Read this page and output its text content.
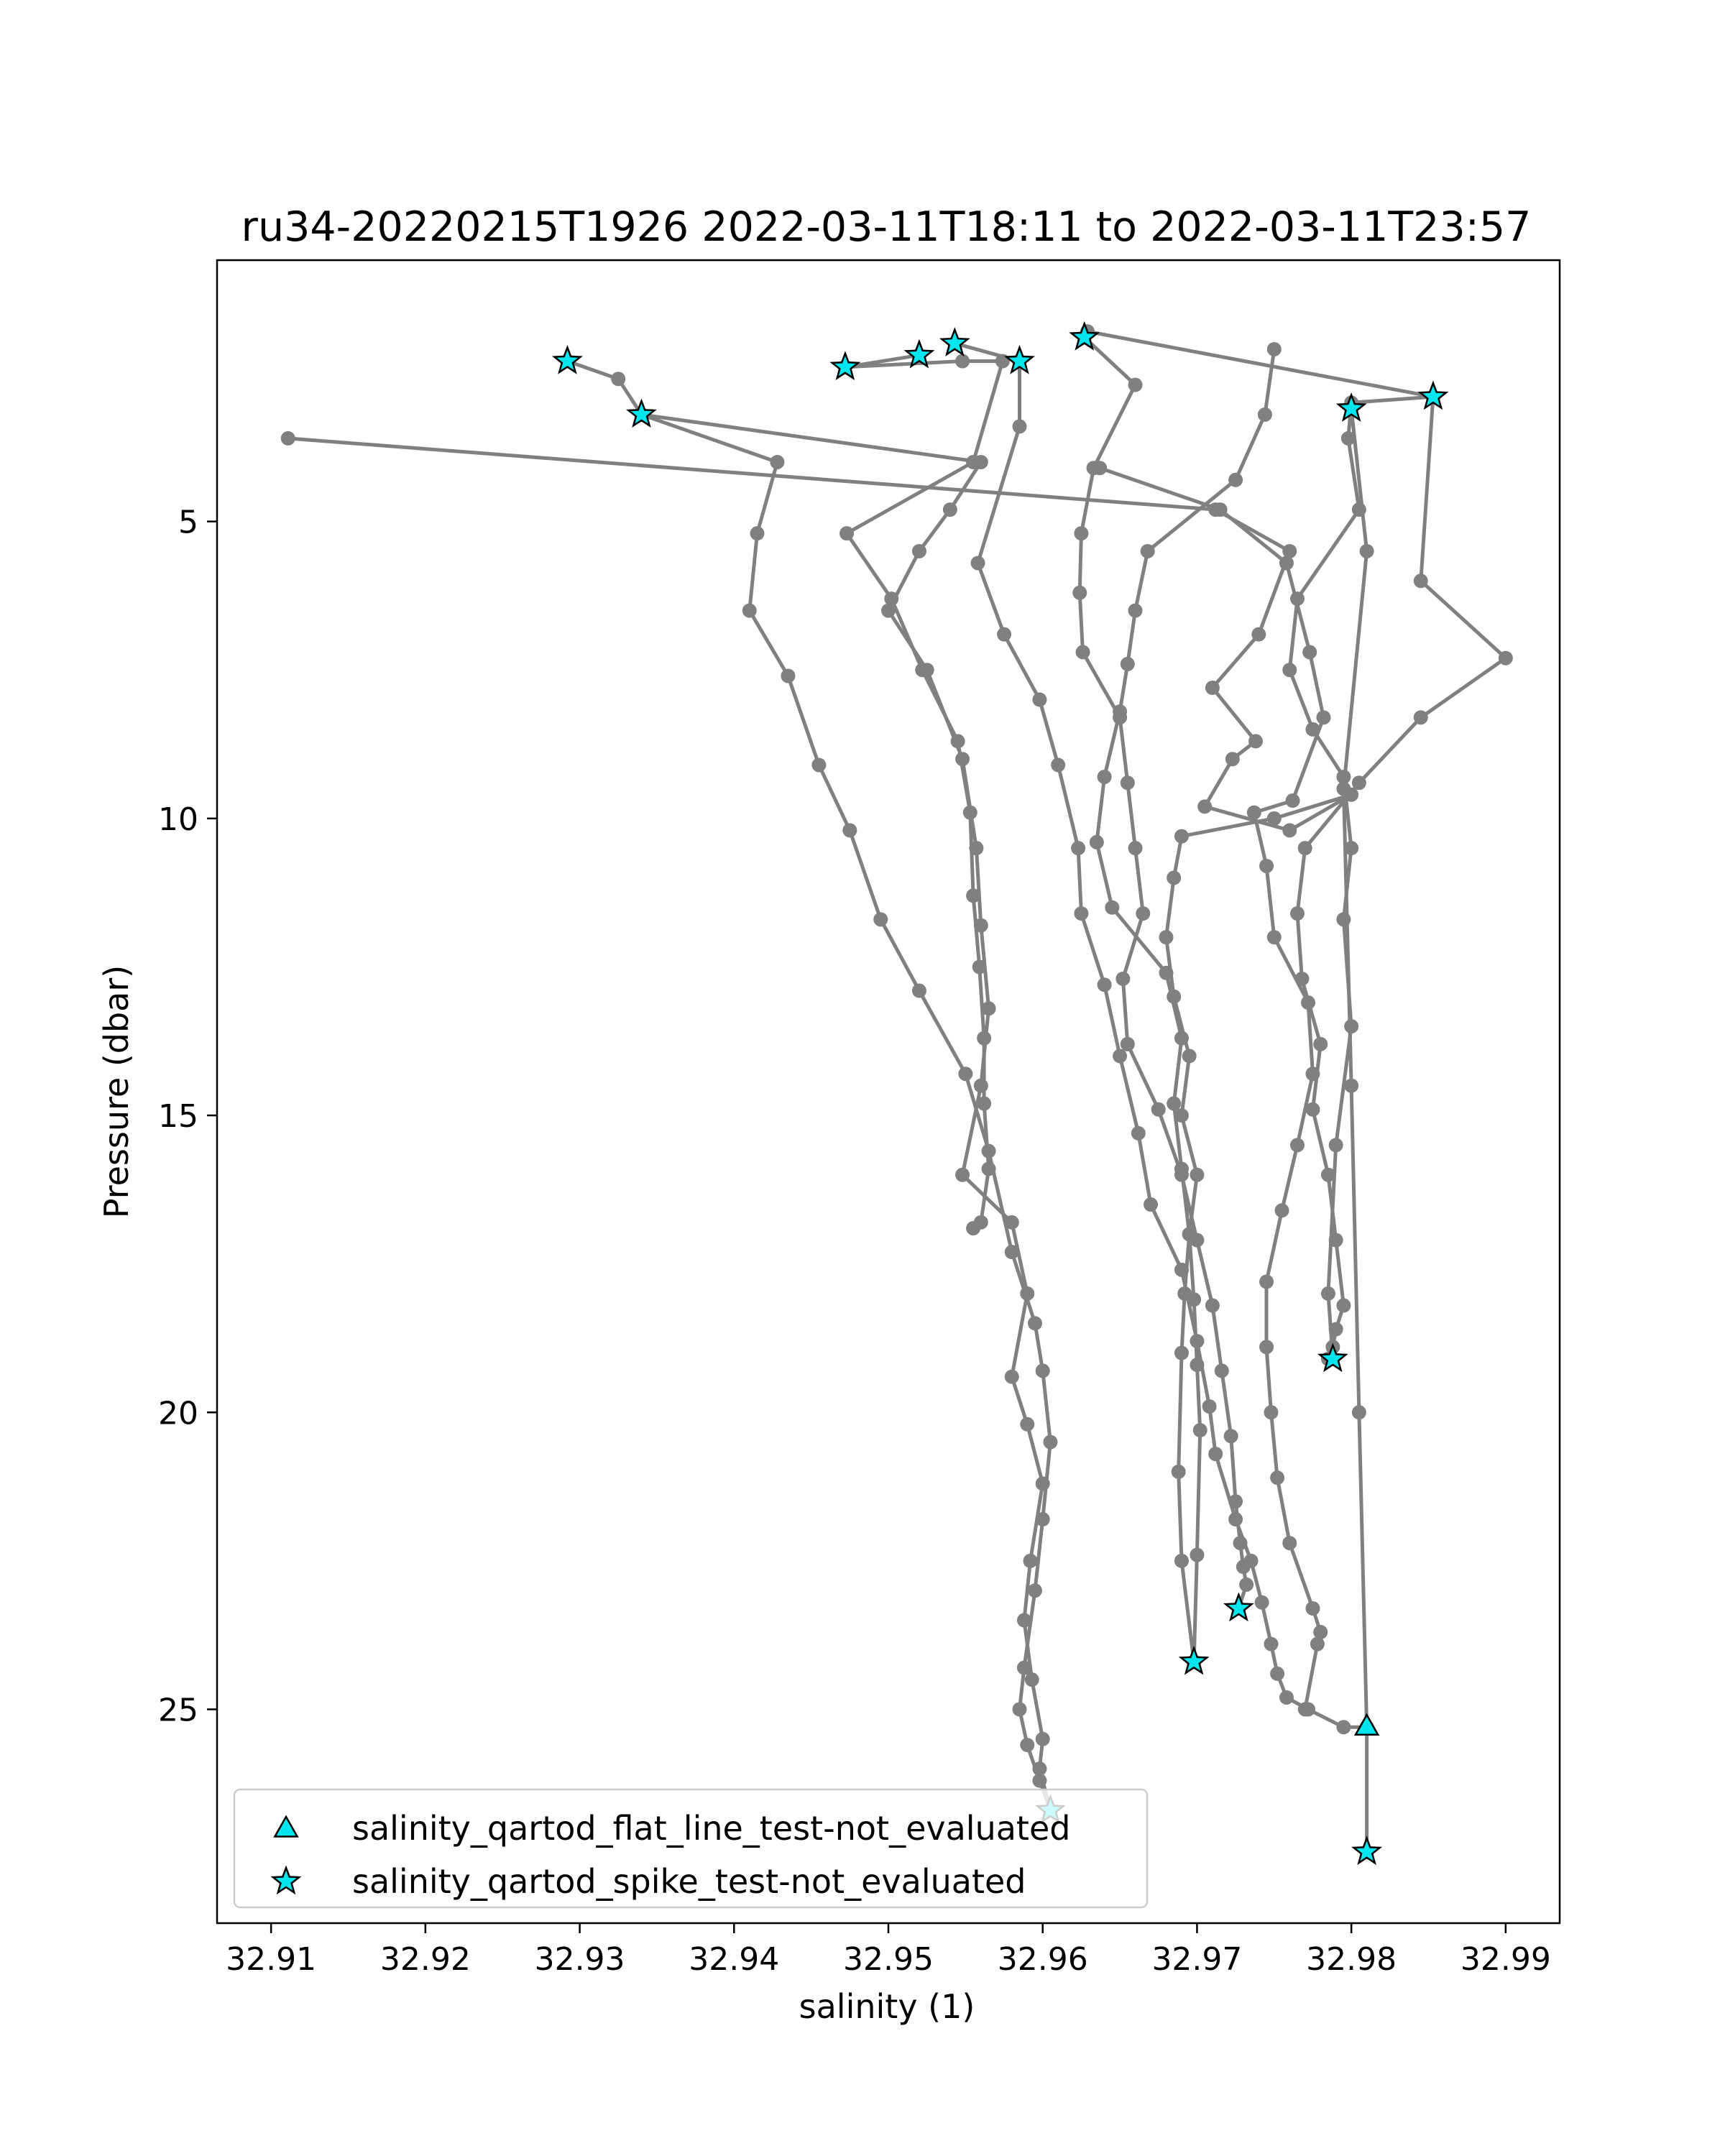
ru34-20220215T1926 2022-03-11T18:11 to 2022-03-11T23:57
32.91 32.92 32.93 32.94 32.95 32.96 32.97 32.98 32.99
5
10
15
20
25
salinity (1)
Pressure (dbar)
salinity_qartod_flat_line_test-not_evaluated
salinity_qartod_spike_test-not_evaluated
